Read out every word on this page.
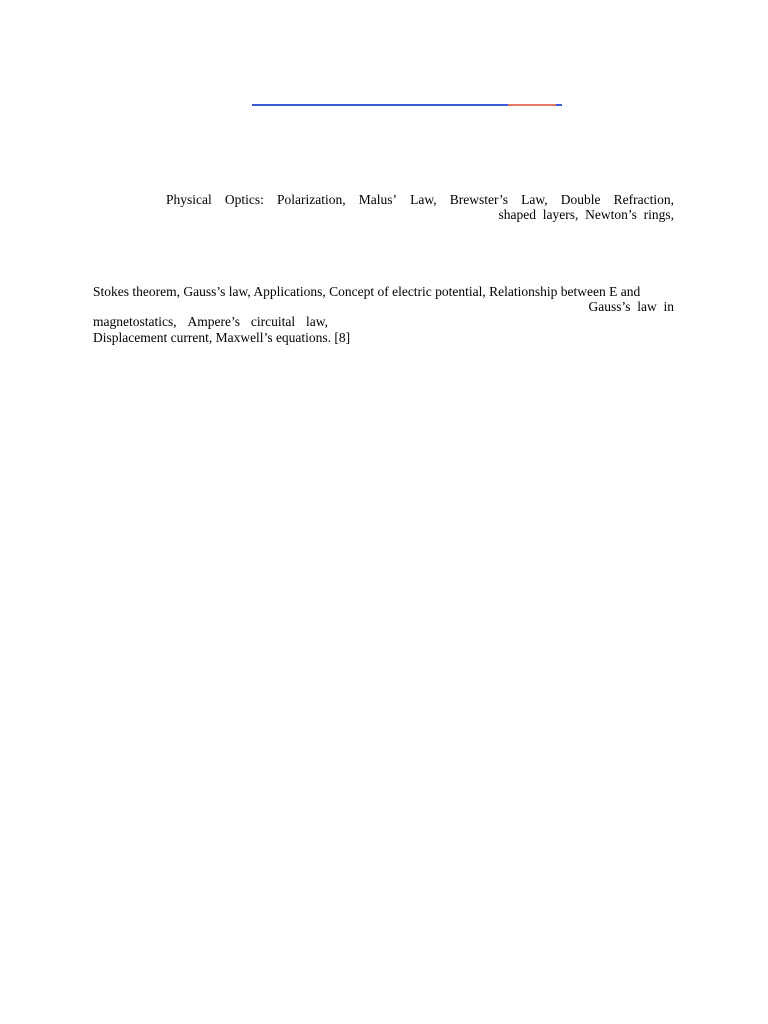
Physical Optics: Polarization, Malus’ Law, Brewster’s Law, Double Refraction,
shaped  layers,  Newton’s  rings,
Stokes theorem, Gauss’s law, Applications, Concept of electric potential, Relationship between E and
Gauss’s  law  in
magnetostatics, Ampere’s circuital law,
Displacement current, Maxwell’s equations. [8]
